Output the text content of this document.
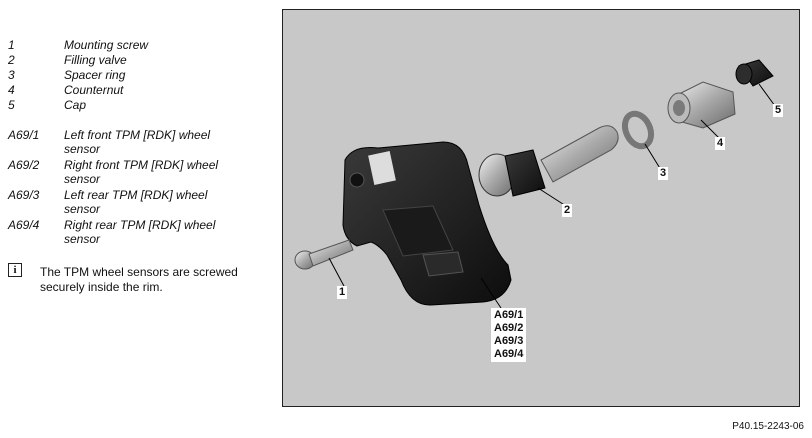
1	Mounting screw
2	Filling valve
3	Spacer ring
4	Counternut
5	Cap
A69/1	Left front TPM [RDK] wheel sensor
A69/2	Right front TPM [RDK] wheel sensor
A69/3	Left rear TPM [RDK] wheel sensor
A69/4	Right rear TPM [RDK] wheel sensor
i	The TPM wheel sensors are screwed securely inside the rim.	1
2
3
4
5
A69/1
A69/2
A69/3
A69/4
P40.15-2243-06
